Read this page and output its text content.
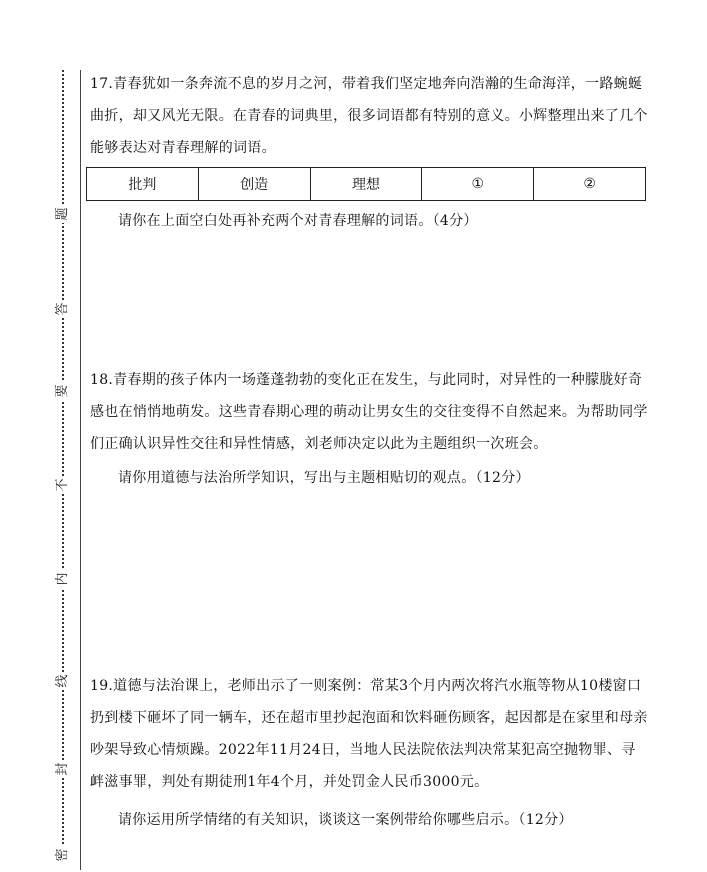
题
答
要
不
内
线
封
密
17.青春犹如一条奔流不息的岁月之河，带着我们坚定地奔向浩瀚的生命海洋，一路蜿蜒
曲折，却又风光无限。在青春的词典里，很多词语都有特别的意义。小辉整理出来了几个
能够表达对青春理解的词语。
批判	创造	理想	①	②
请你在上面空白处再补充两个对青春理解的词语。（4分）
18.青春期的孩子体内一场蓬蓬勃勃的变化正在发生，与此同时，对异性的一种朦胧好奇
感也在悄悄地萌发。这些青春期心理的萌动让男女生的交往变得不自然起来。为帮助同学
们正确认识异性交往和异性情感，刘老师决定以此为主题组织一次班会。
请你用道德与法治所学知识，写出与主题相贴切的观点。（12分）
19.道德与法治课上，老师出示了一则案例：常某3个月内两次将汽水瓶等物从10楼窗口
扔到楼下砸坏了同一辆车，还在超市里抄起泡面和饮料砸伤顾客，起因都是在家里和母亲
吵架导致心情烦躁。2022年11月24日，当地人民法院依法判决常某犯高空抛物罪、寻
衅滋事罪，判处有期徒刑1年4个月，并处罚金人民币3000元。
请你运用所学情绪的有关知识，谈谈这一案例带给你哪些启示。（12分）
